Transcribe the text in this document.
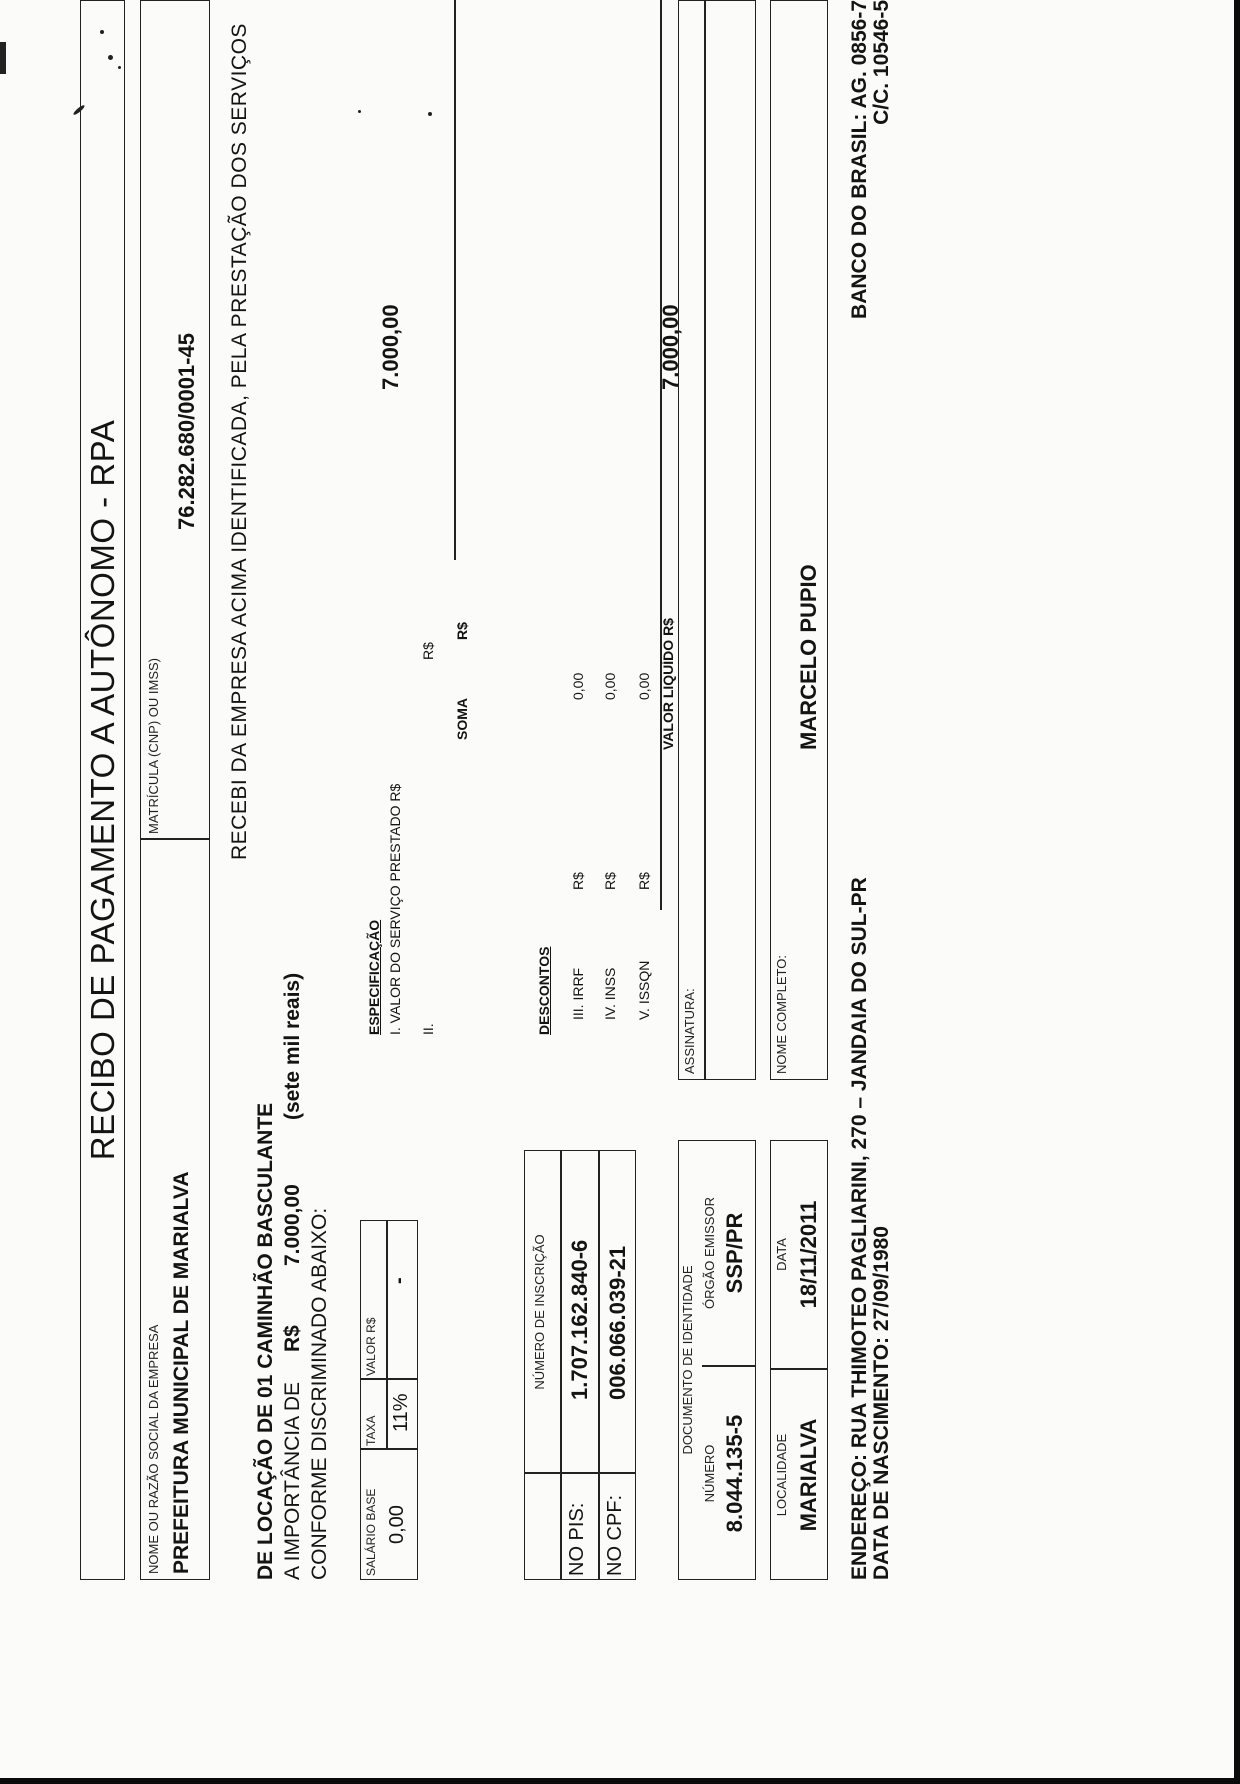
RECIBO DE PAGAMENTO A AUTÔNOMO - RPA
NOME OU RAZÃO SOCIAL DA EMPRESA PREFEITURA MUNICIPAL DE MARIALVA
MATRÍCULA (CNP) OU IMSS)
76.282.680/0001-45 RECEBI DA EMPRESA ACIMA IDENTIFICADA, PELA PRESTAÇÃO DOS SERVIÇOS
DE LOCAÇÃO DE 01 CAMINHÃO BASCULANTE A IMPORTÂNCIA DE
R$
7.000,00
(sete mil reais)
CONFORME DISCRIMINADO ABAIXO:	SALÁRIO BASE 0,00
TAXA 11%
VALOR R$
-
ESPECIFICAÇÃO I. VALOR DO SERVIÇO PRESTADO R$
7.000,00
II.
R$
SOMA
R$
NÚMERO DE INSCRIÇÃO
NO PIS:
1.707.162.840-6
NO CPF:
006.066.039-21
DESCONTOS III. IRRF
R$
0,00
IV. INSS
R$
0,00
V. ISSQN
R$
0,00 VALOR LIQUÍDO R$
7.000,00
DOCUMENTO DE IDENTIDADE
NÚMERO 8.044.135-5
ÓRGÃO EMISSOR SSP/PR
ASSINATURA:
LOCALIDADE MARIALVA
DATA 18/11/2011
NOME COMPLETO:
MARCELO PUPIO
ENDEREÇO: RUA THIMOTEO PAGLIARINI, 270 – JANDAIA DO SUL-PR DATA DE NASCIMENTO: 27/09/1980
BANCO DO BRASIL: AG. 0856-7 C/C. 10546-5
